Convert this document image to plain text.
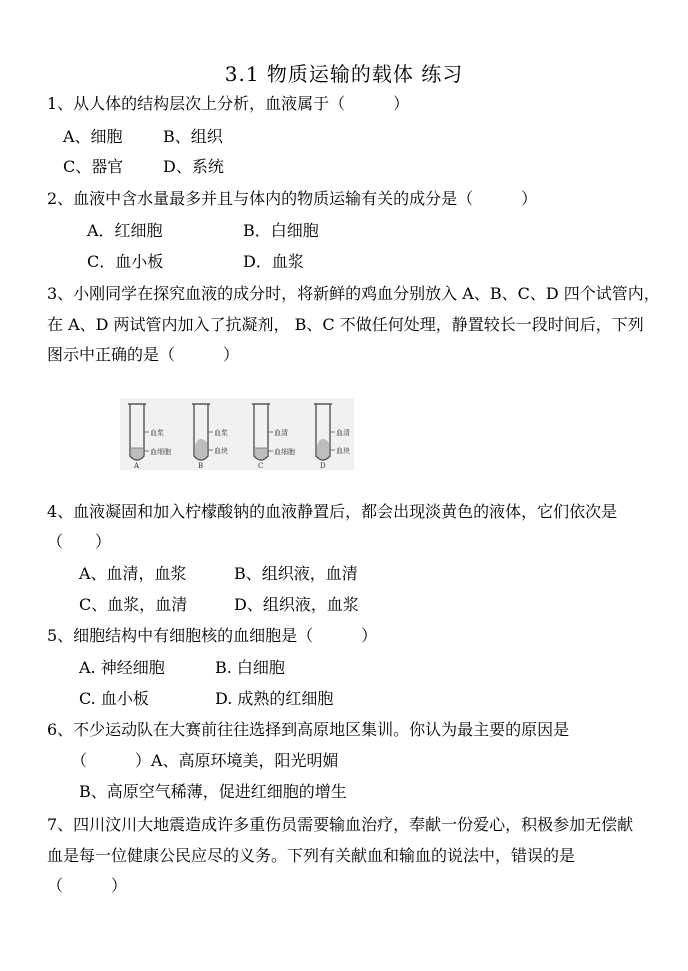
3.1 物质运输的载体 练习
1、从人体的结构层次上分析，血液属于（　　　）
A、细胞	B、组织
C、器官 D、系统
2、血液中含水量最多并且与体内的物质运输有关的成分是（　　　）
A．红细胞	B．白细胞
C．血小板	D．血浆
3、小刚同学在探究血液的成分时，将新鲜的鸡血分别放入 A、B、C、D 四个试管内，
在 A、D 两试管内加入了抗凝剂， B、C 不做任何处理，静置较长一段时间后，下列
图示中正确的是（　　　）
血浆
血细胞
A
血浆
血块
B
血清
血细胞
C
血清
血块
D
4、血液凝固和加入柠檬酸钠的血液静置后，都会出现淡黄色的液体，它们依次是
（　　）
A、血清，血浆	B、组织液，血清
C、血浆，血清	D、组织液，血浆
5、细胞结构中有细胞核的血细胞是（　　　）
A. 神经细胞	B. 白细胞
C. 血小板	D. 成熟的红细胞
6、不少运动队在大赛前往往选择到高原地区集训。你认为最主要的原因是
（　　　）A、高原环境美，阳光明媚
B、高原空气稀薄，促进红细胞的增生
7、四川汶川大地震造成许多重伤员需要输血治疗，奉献一份爱心，积极参加无偿献
血是每一位健康公民应尽的义务。下列有关献血和输血的说法中，错误的是
（　　　）
